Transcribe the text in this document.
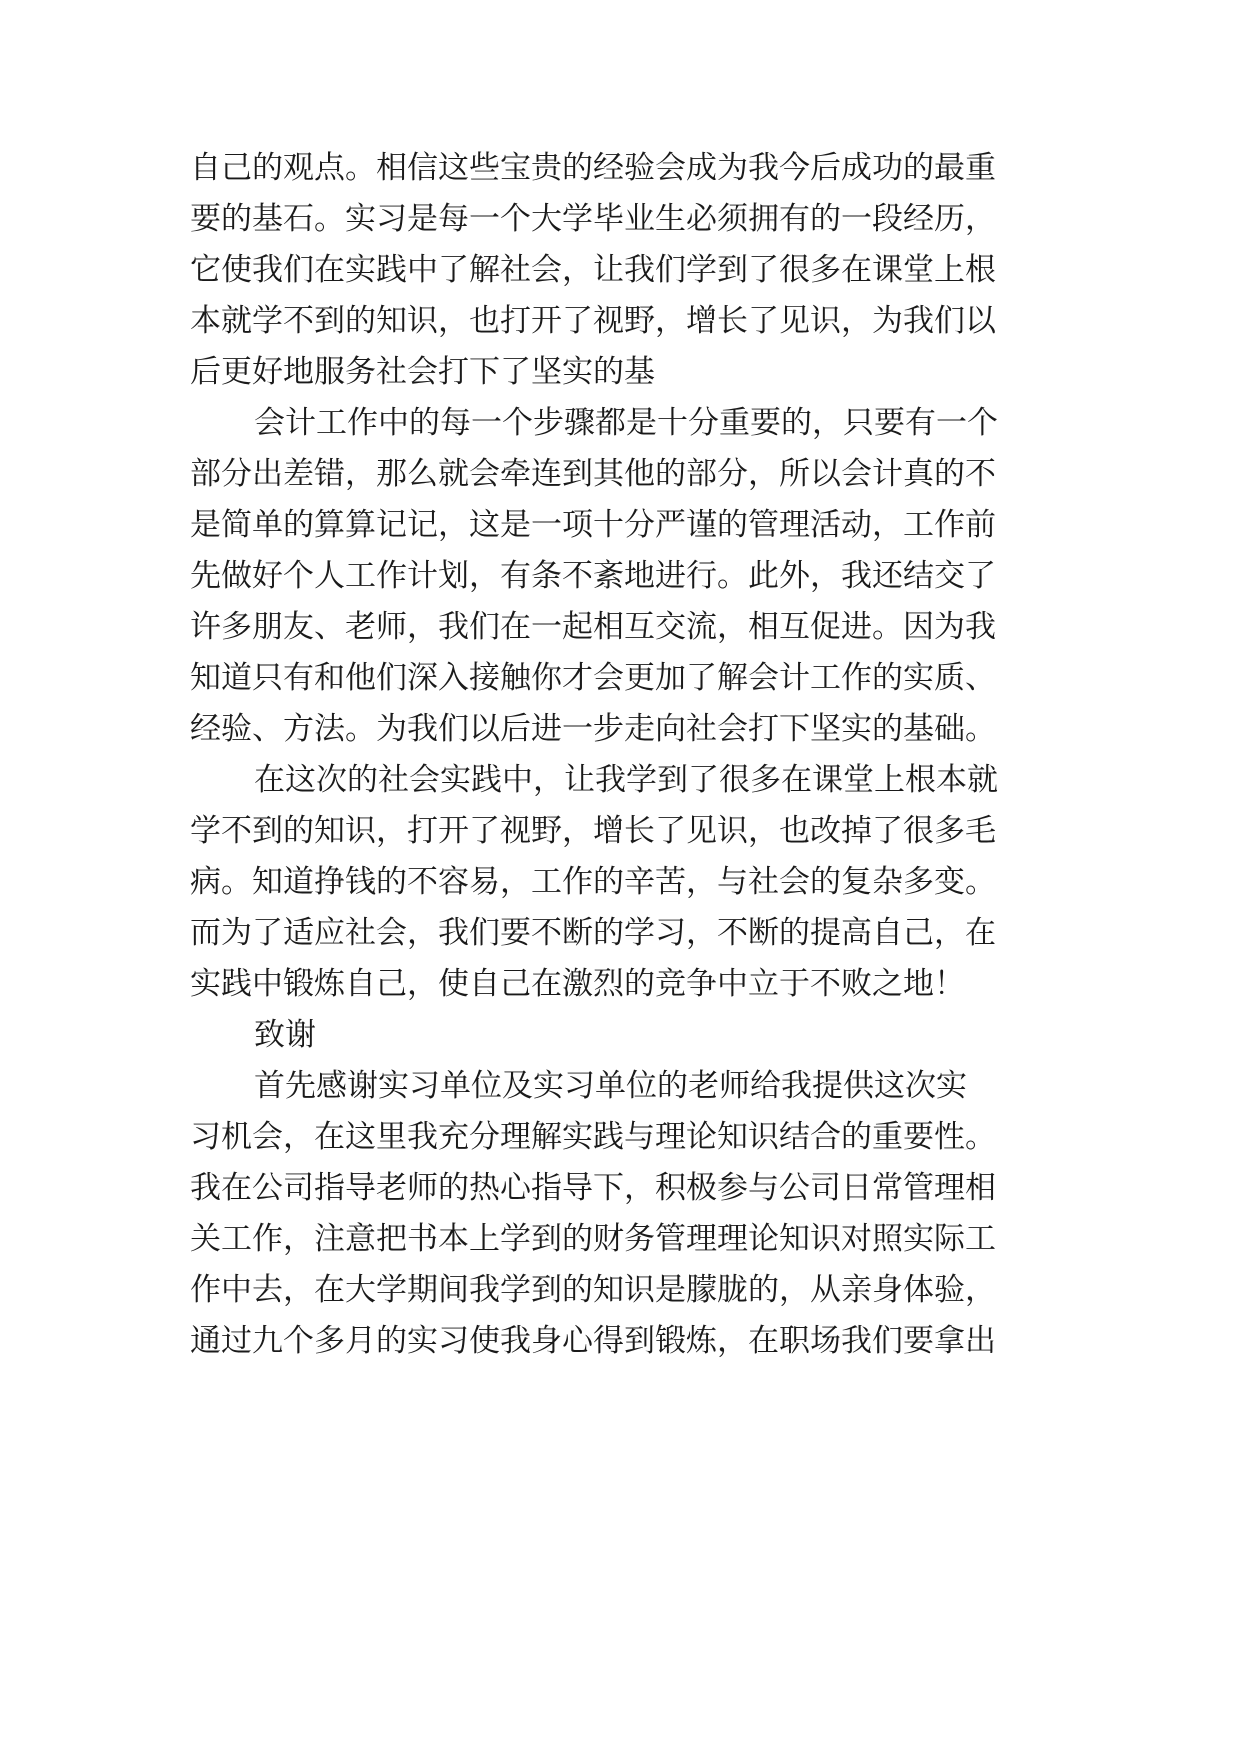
自己的观点。相信这些宝贵的经验会成为我今后成功的最重
要的基石。实习是每一个大学毕业生必须拥有的一段经历，
它使我们在实践中了解社会，让我们学到了很多在课堂上根
本就学不到的知识，也打开了视野，增长了见识，为我们以
后更好地服务社会打下了坚实的基
会计工作中的每一个步骤都是十分重要的，只要有一个
部分出差错，那么就会牵连到其他的部分，所以会计真的不
是简单的算算记记，这是一项十分严谨的管理活动，工作前
先做好个人工作计划，有条不紊地进行。此外，我还结交了
许多朋友、老师，我们在一起相互交流，相互促进。因为我
知道只有和他们深入接触你才会更加了解会计工作的实质、
经验、方法。为我们以后进一步走向社会打下坚实的基础。
在这次的社会实践中，让我学到了很多在课堂上根本就
学不到的知识，打开了视野，增长了见识，也改掉了很多毛
病。知道挣钱的不容易，工作的辛苦，与社会的复杂多变。
而为了适应社会，我们要不断的学习，不断的提高自己，在
实践中锻炼自己，使自己在激烈的竞争中立于不败之地！
致谢
首先感谢实习单位及实习单位的老师给我提供这次实
习机会，在这里我充分理解实践与理论知识结合的重要性。
我在公司指导老师的热心指导下，积极参与公司日常管理相
关工作，注意把书本上学到的财务管理理论知识对照实际工
作中去，在大学期间我学到的知识是朦胧的，从亲身体验，
通过九个多月的实习使我身心得到锻炼，在职场我们要拿出
